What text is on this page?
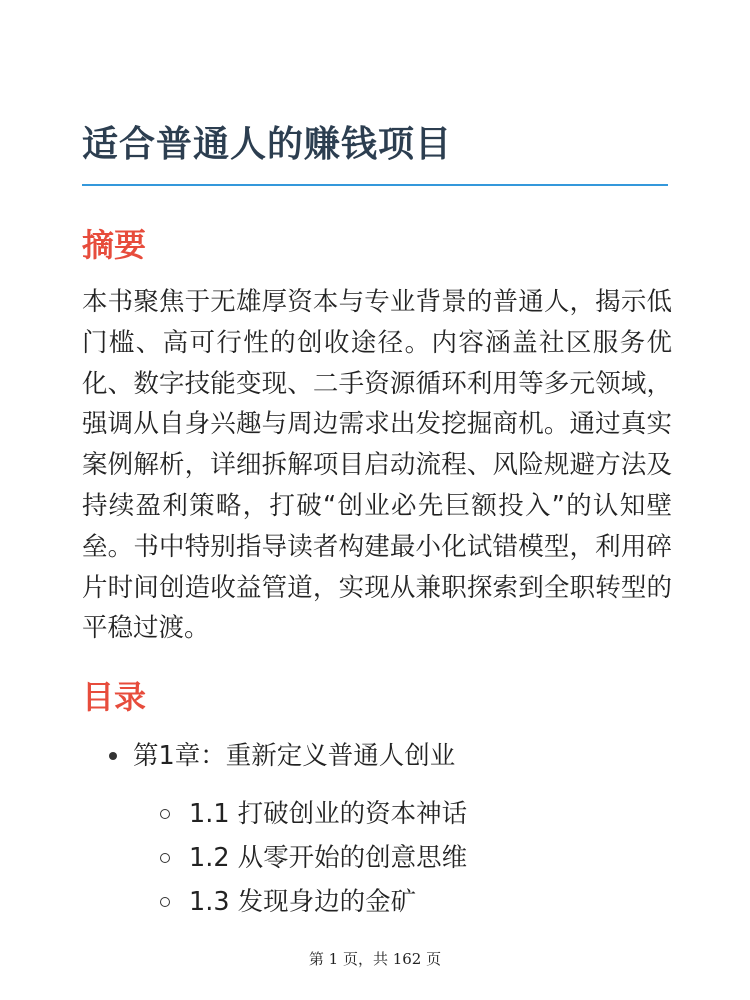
适合普通人的赚钱项目
摘要

本书聚焦于无雄厚资本与专业背景的普通人，揭示低门槛、高可行性的创收途径。内容涵盖社区服务优化、数字技能变现、二手资源循环利用等多元领域，强调从自身兴趣与周边需求出发挖掘商机。通过真实案例解析，详细拆解项目启动流程、风险规避方法及持续盈利策略，打破“创业必先巨额投入”的认知壁垒。书中特别指导读者构建最小化试错模型，利用碎片时间创造收益管道，实现从兼职探索到全职转型的平稳过渡。

目录
第1章：重新定义普通人创业
1.1 打破创业的资本神话
1.2 从零开始的创意思维
1.3 发现身边的金矿
第 1 页，共 162 页
